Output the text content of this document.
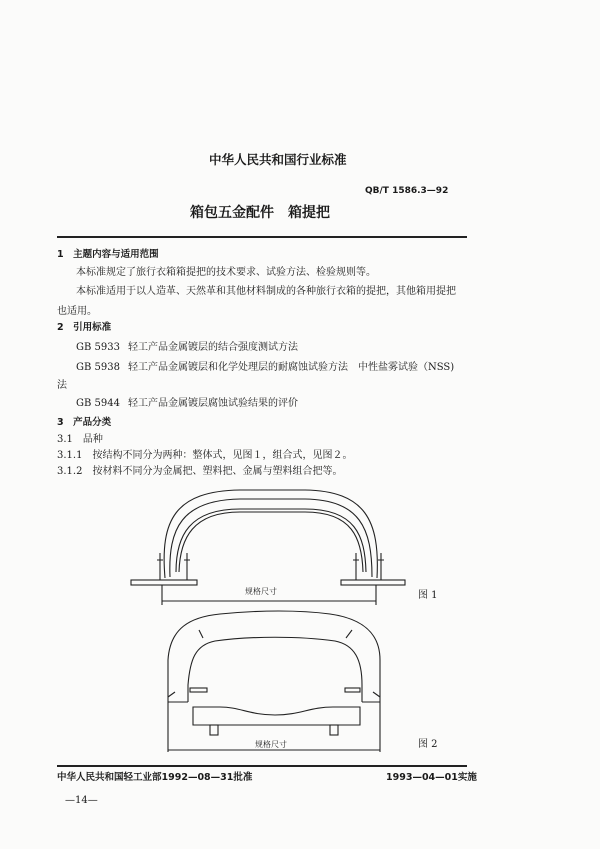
中华人民共和国行业标准
QB/T 1586.3—92
箱包五金配件　箱提把
1　主题内容与适用范围
本标准规定了旅行衣箱箱提把的技术要求、试验方法、检验规则等。
本标准适用于以人造革、天然革和其他材料制成的各种旅行衣箱的提把，其他箱用提把
也适用。
2　引用标准
GB 5933 轻工产品金属镀层的结合强度测试方法
GB 5938 轻工产品金属镀层和化学处理层的耐腐蚀试验方法　中性盐雾试验（NSS)
法
GB 5944 轻工产品金属镀层腐蚀试验结果的评价
3　产品分类
3.1　品种
3.1.1　按结构不同分为两种：整体式，见图１，组合式，见图２。
3.1.2　按材料不同分为金属把、塑料把、金属与塑料组合把等。
规格尺寸	图 1
规格尺寸	图 2
中华人民共和国轻工业部1992—08—31批准	1993—04—01实施
—14—
